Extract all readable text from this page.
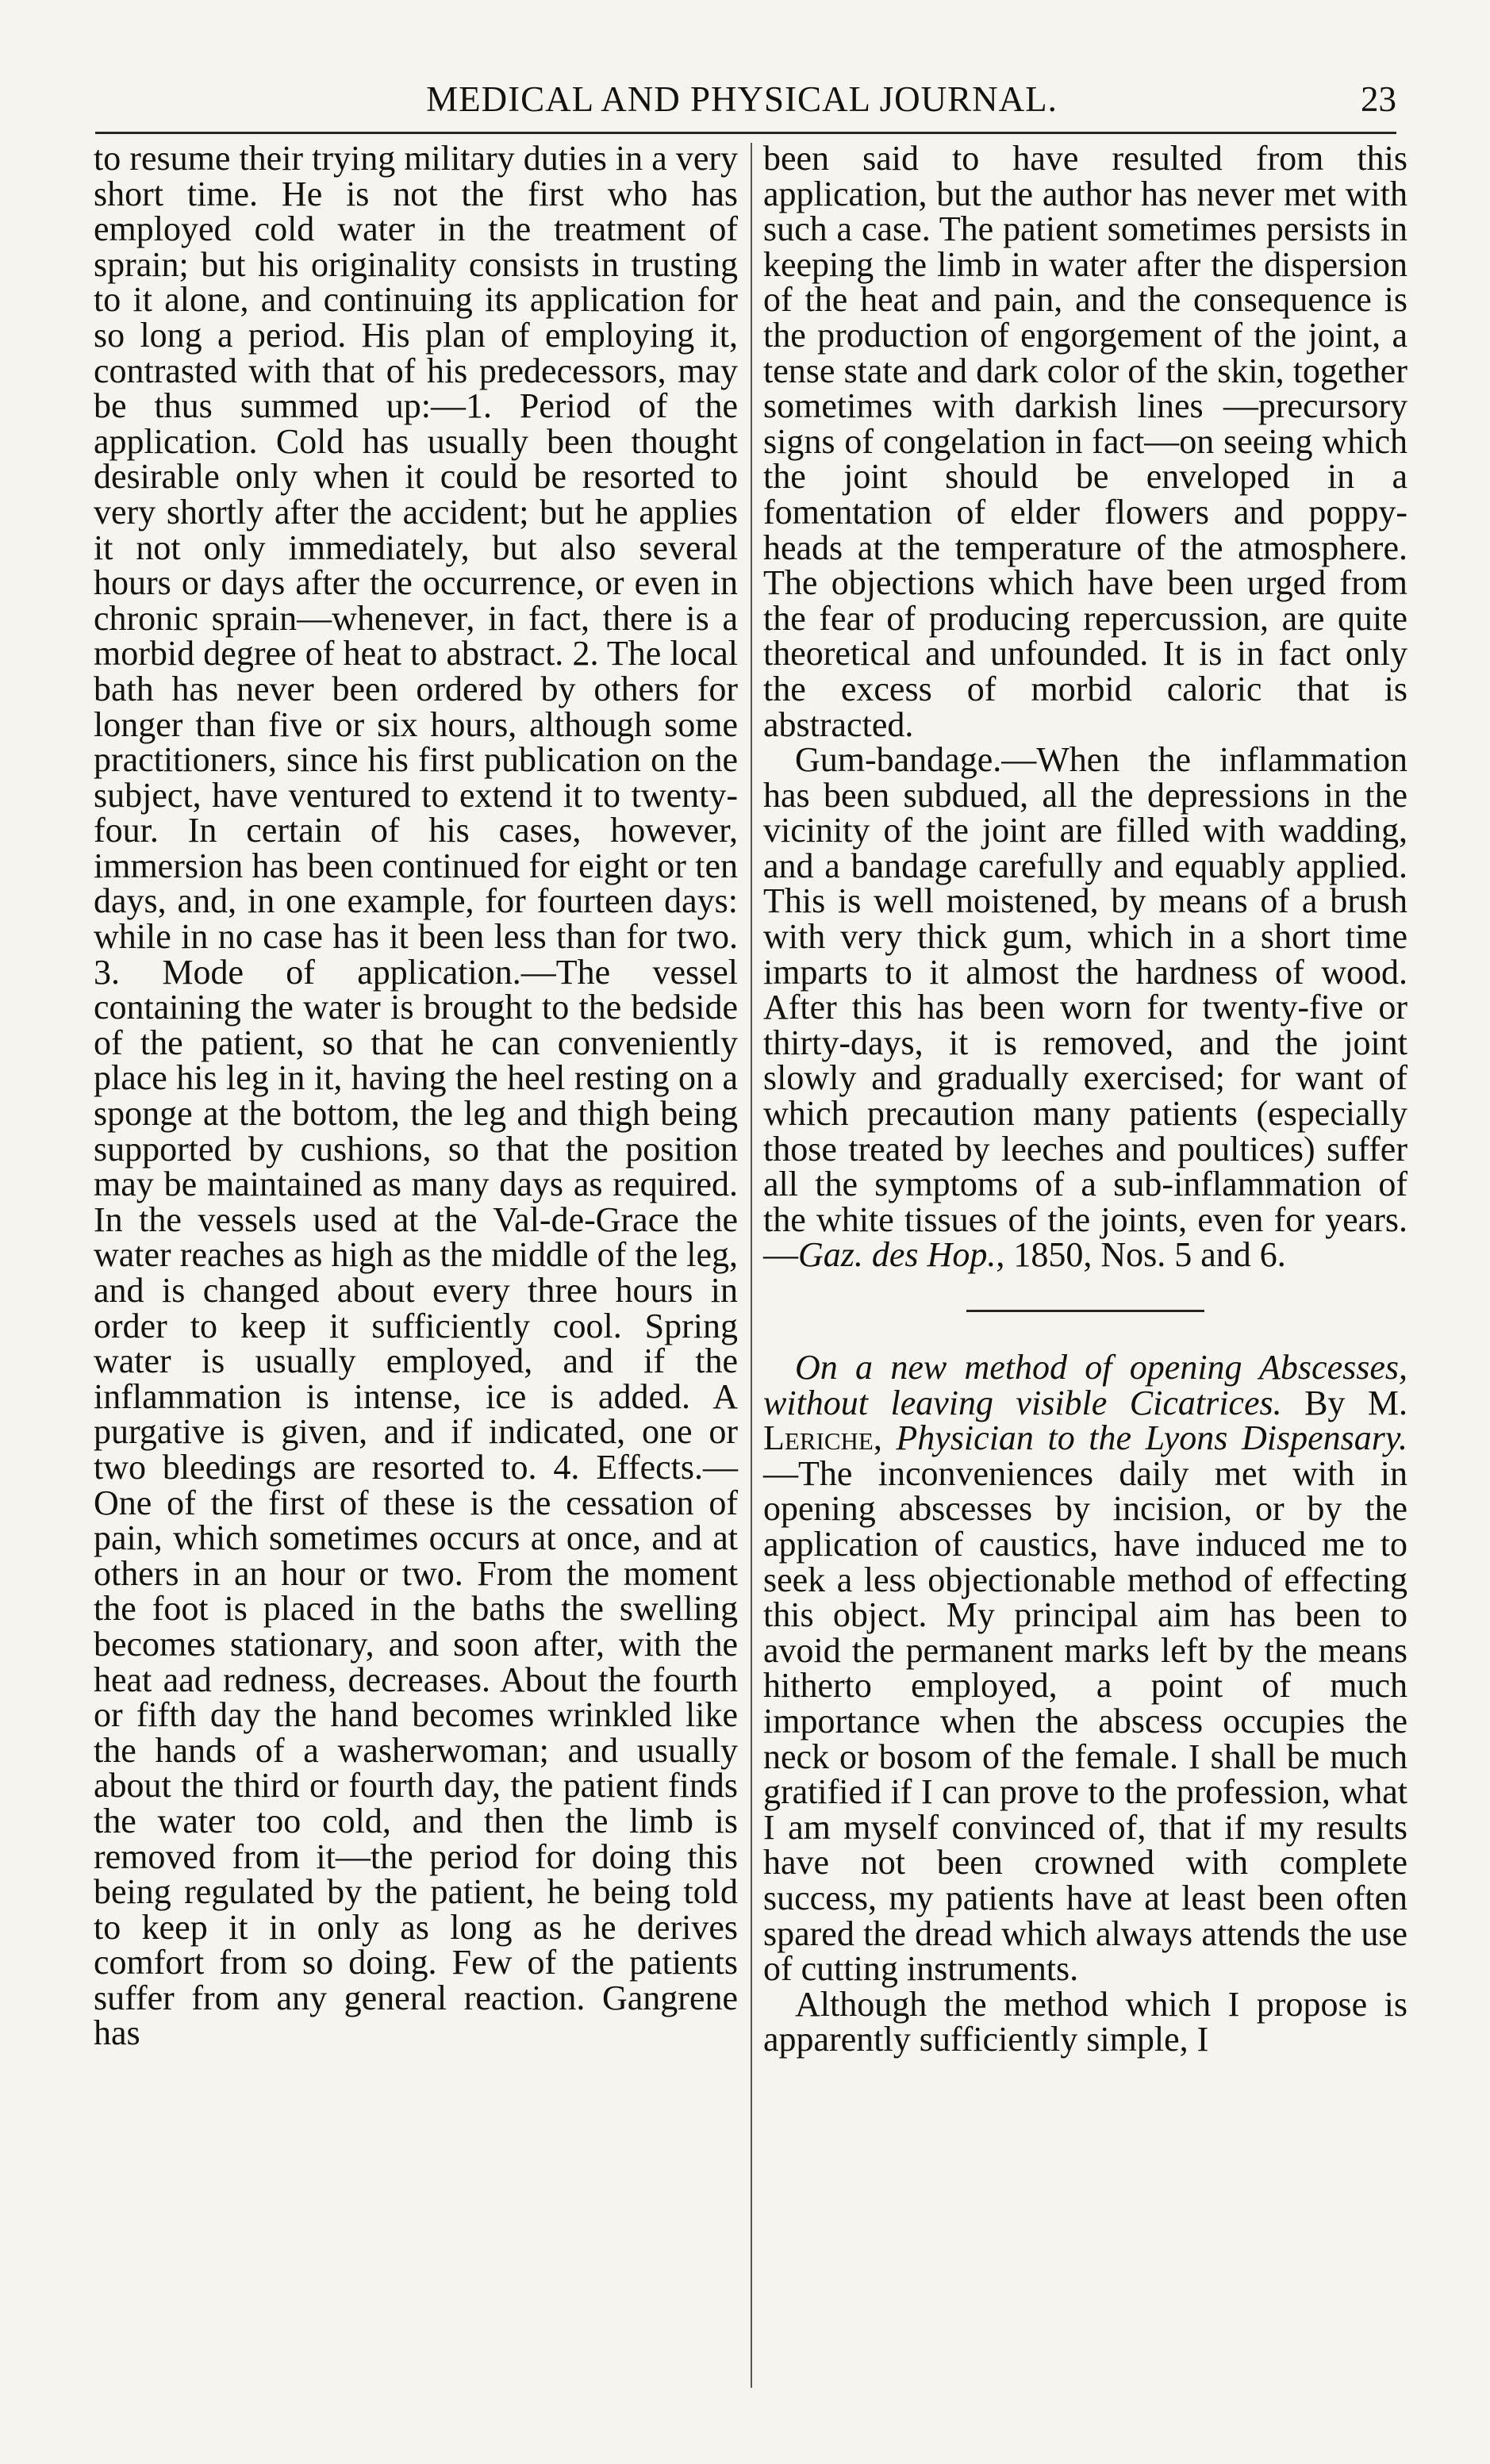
MEDICAL AND PHYSICAL JOURNAL.	23

to resume their trying military duties in a very short time. He is not the first who has employed cold water in the treatment of sprain; but his originality consists in trusting to it alone, and continuing its application for so long a period. His plan of employing it, contrasted with that of his predecessors, may be thus summed up:—1. Period of the application. Cold has usually been thought desirable only when it could be resorted to very shortly after the accident; but he applies it not only immediately, but also several hours or days after the occurrence, or even in chronic sprain—whenever, in fact, there is a morbid degree of heat to abstract. 2. The local bath has never been ordered by others for longer than five or six hours, although some practitioners, since his first publication on the subject, have ventured to extend it to twenty-four. In certain of his cases, however, immersion has been continued for eight or ten days, and, in one example, for fourteen days: while in no case has it been less than for two. 3. Mode of application.—The vessel containing the water is brought to the bedside of the patient, so that he can conveniently place his leg in it, having the heel resting on a sponge at the bottom, the leg and thigh being supported by cushions, so that the position may be maintained as many days as required. In the vessels used at the Val-de-Grace the water reaches as high as the middle of the leg, and is changed about every three hours in order to keep it sufficiently cool. Spring water is usually employed, and if the inflammation is intense, ice is added. A purgative is given, and if indicated, one or two bleedings are resorted to. 4. Effects.—One of the first of these is the cessation of pain, which sometimes occurs at once, and at others in an hour or two. From the moment the foot is placed in the baths the swelling becomes stationary, and soon after, with the heat aad redness, decreases. About the fourth or fifth day the hand becomes wrinkled like the hands of a washerwoman; and usually about the third or fourth day, the patient finds the water too cold, and then the limb is removed from it—the period for doing this being regulated by the patient, he being told to keep it in only as long as he derives comfort from so doing. Few of the patients suffer from any general reaction. Gangrene has

been said to have resulted from this application, but the author has never met with such a case. The patient sometimes persists in keeping the limb in water after the dispersion of the heat and pain, and the consequence is the production of engorgement of the joint, a tense state and dark color of the skin, together sometimes with darkish lines —precursory signs of congelation in fact—on seeing which the joint should be enveloped in a fomentation of elder flowers and poppy-heads at the temperature of the atmosphere. The objections which have been urged from the fear of producing repercussion, are quite theoretical and unfounded. It is in fact only the excess of morbid caloric that is abstracted.

Gum-bandage.—When the inflammation has been subdued, all the depressions in the vicinity of the joint are filled with wadding, and a bandage carefully and equably applied. This is well moistened, by means of a brush with very thick gum, which in a short time imparts to it almost the hardness of wood. After this has been worn for twenty-five or thirty-days, it is removed, and the joint slowly and gradually exercised; for want of which precaution many patients (especially those treated by leeches and poultices) suffer all the symptoms of a sub-inflammation of the white tissues of the joints, even for years.—Gaz. des Hop., 1850, Nos. 5 and 6.

On a new method of opening Abscesses, without leaving visible Cicatrices. By M. Leriche, Physician to the Lyons Dispensary.—The inconveniences daily met with in opening abscesses by incision, or by the application of caustics, have induced me to seek a less objectionable method of effecting this object. My principal aim has been to avoid the permanent marks left by the means hitherto employed, a point of much importance when the abscess occupies the neck or bosom of the female. I shall be much gratified if I can prove to the profession, what I am myself convinced of, that if my results have not been crowned with complete success, my patients have at least been often spared the dread which always attends the use of cutting instruments.

Although the method which I propose is apparently sufficiently simple, I
